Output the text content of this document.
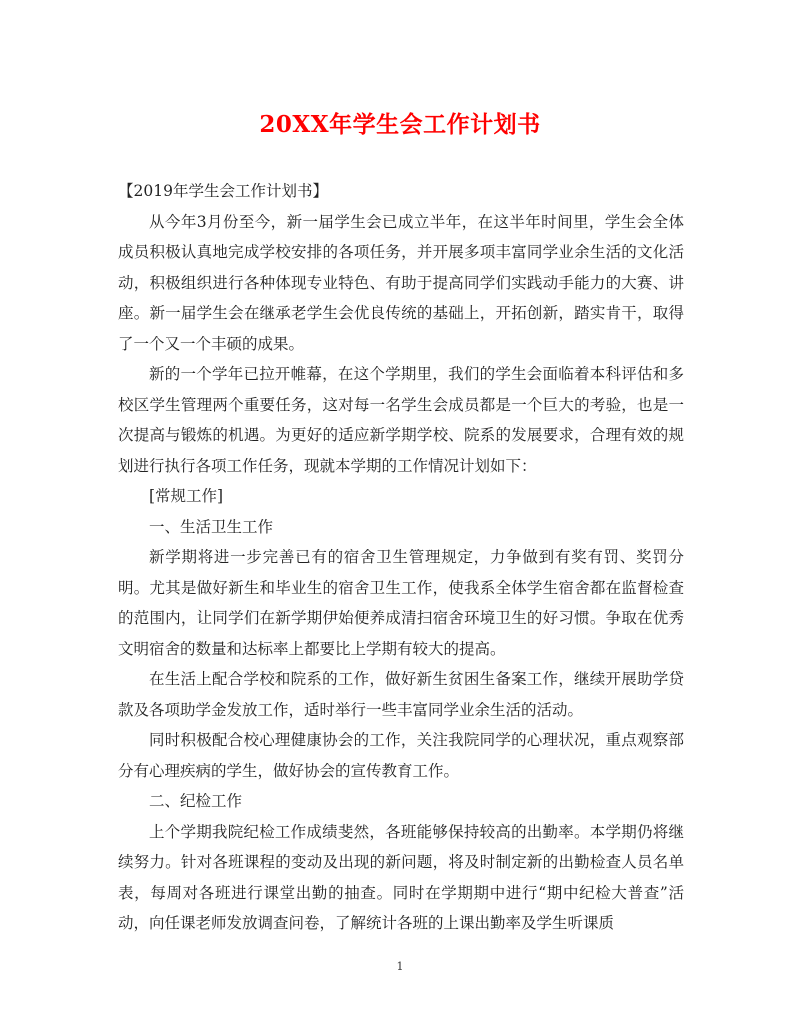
20XX年学生会工作计划书

【2019年学生会工作计划书】

从今年3月份至今，新一届学生会已成立半年，在这半年时间里，学生会全体成员积极认真地完成学校安排的各项任务，并开展多项丰富同学业余生活的文化活动，积极组织进行各种体现专业特色、有助于提高同学们实践动手能力的大赛、讲座。新一届学生会在继承老学生会优良传统的基础上，开拓创新，踏实肯干，取得了一个又一个丰硕的成果。

新的一个学年已拉开帷幕，在这个学期里，我们的学生会面临着本科评估和多校区学生管理两个重要任务，这对每一名学生会成员都是一个巨大的考验，也是一次提高与锻炼的机遇。为更好的适应新学期学校、院系的发展要求，合理有效的规划进行执行各项工作任务，现就本学期的工作情况计划如下：

[常规工作]

一、生活卫生工作

新学期将进一步完善已有的宿舍卫生管理规定，力争做到有奖有罚、奖罚分明。尤其是做好新生和毕业生的宿舍卫生工作，使我系全体学生宿舍都在监督检查的范围内，让同学们在新学期伊始便养成清扫宿舍环境卫生的好习惯。争取在优秀文明宿舍的数量和达标率上都要比上学期有较大的提高。

在生活上配合学校和院系的工作，做好新生贫困生备案工作，继续开展助学贷款及各项助学金发放工作，适时举行一些丰富同学业余生活的活动。

同时积极配合校心理健康协会的工作，关注我院同学的心理状况，重点观察部分有心理疾病的学生，做好协会的宣传教育工作。

二、纪检工作

上个学期我院纪检工作成绩斐然，各班能够保持较高的出勤率。本学期仍将继续努力。针对各班课程的变动及出现的新问题，将及时制定新的出勤检查人员名单表，每周对各班进行课堂出勤的抽查。同时在学期期中进行“期中纪检大普查”活动，向任课老师发放调查问卷，了解统计各班的上课出勤率及学生听课质

1
